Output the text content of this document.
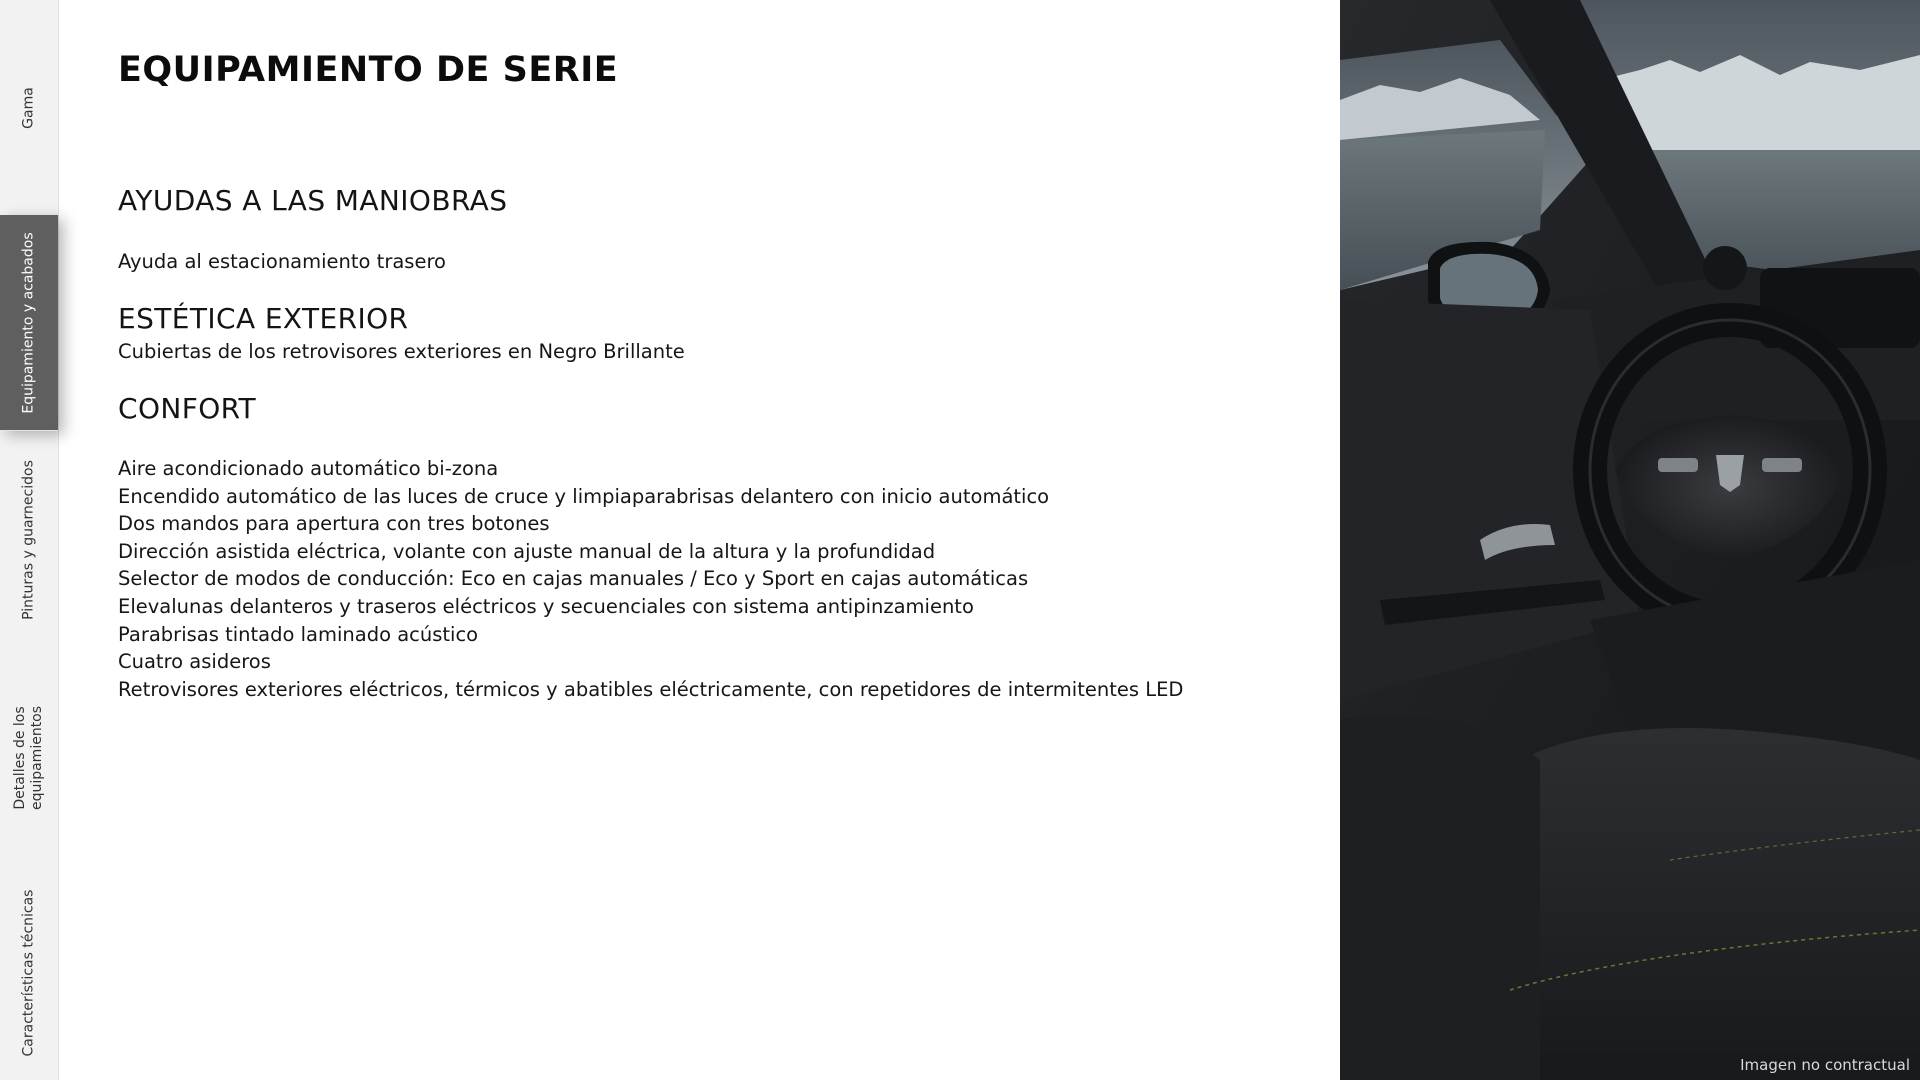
Gama
Equipamiento y acabados
Pinturas y guarnecidos
Detalles de los equipamientos
Características técnicas
EQUIPAMIENTO DE SERIE
AYUDAS A LAS MANIOBRAS

Ayuda al estacionamiento trasero

ESTÉTICA EXTERIOR

Cubiertas de los retrovisores exteriores en Negro Brillante

CONFORT
Aire acondicionado automático bi-zona
Encendido automático de las luces de cruce y limpiaparabrisas delantero con inicio automático
Dos mandos para apertura con tres botones
Dirección asistida eléctrica, volante con ajuste manual de la altura y la profundidad
Selector de modos de conducción: Eco en cajas manuales / Eco y Sport en cajas automáticas
Elevalunas delanteros y traseros eléctricos y secuenciales con sistema antipinzamiento
Parabrisas tintado laminado acústico
Cuatro asideros
Retrovisores exteriores eléctricos, térmicos y abatibles eléctricamente, con repetidores de intermitentes LED
Imagen no contractual
